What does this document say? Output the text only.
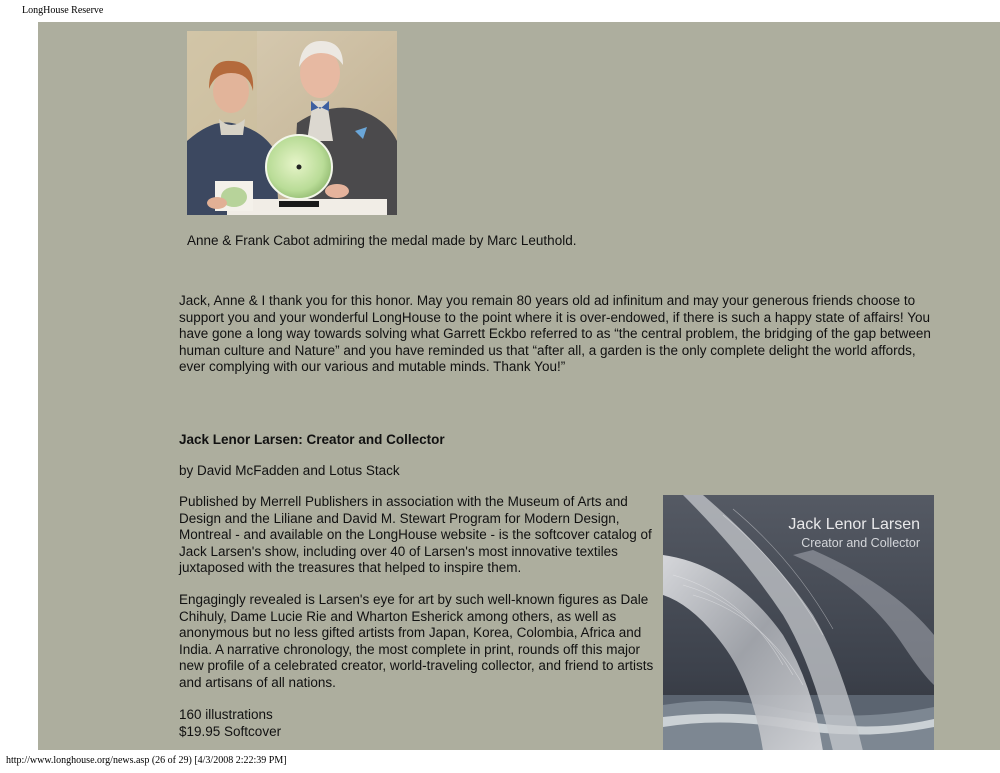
LongHouse Reserve
Anne & Frank Cabot admiring the medal made by Marc Leuthold.
Jack, Anne & I thank you for this honor. May you remain 80 years old ad infinitum and may your generous friends choose to support you and your wonderful LongHouse to the point where it is over-endowed, if there is such a happy state of affairs! You have gone a long way towards solving what Garrett Eckbo referred to as “the central problem, the bridging of the gap between human culture and Nature” and you have reminded us that “after all, a garden is the only complete delight the world affords, ever complying with our various and mutable minds. Thank You!”
Jack Lenor Larsen: Creator and Collector
by David McFadden and Lotus Stack
Published by Merrell Publishers in association with the Museum of Arts and Design and the Liliane and David M. Stewart Program for Modern Design, Montreal - and available on the LongHouse website - is the softcover catalog of Jack Larsen's show, including over 40 of Larsen's most innovative textiles juxtaposed with the treasures that helped to inspire them.
Engagingly revealed is Larsen's eye for art by such well-known figures as Dale Chihuly, Dame Lucie Rie and Wharton Esherick among others, as well as anonymous but no less gifted artists from Japan, Korea, Colombia, Africa and India. A narrative chronology, the most complete in print, rounds off this major new profile of a celebrated creator, world-traveling collector, and friend to artists and artisans of all nations.
160 illustrations
$19.95 Softcover
Jack Lenor Larsen
Creator and Collector
http://www.longhouse.org/news.asp (26 of 29) [4/3/2008 2:22:39 PM]
